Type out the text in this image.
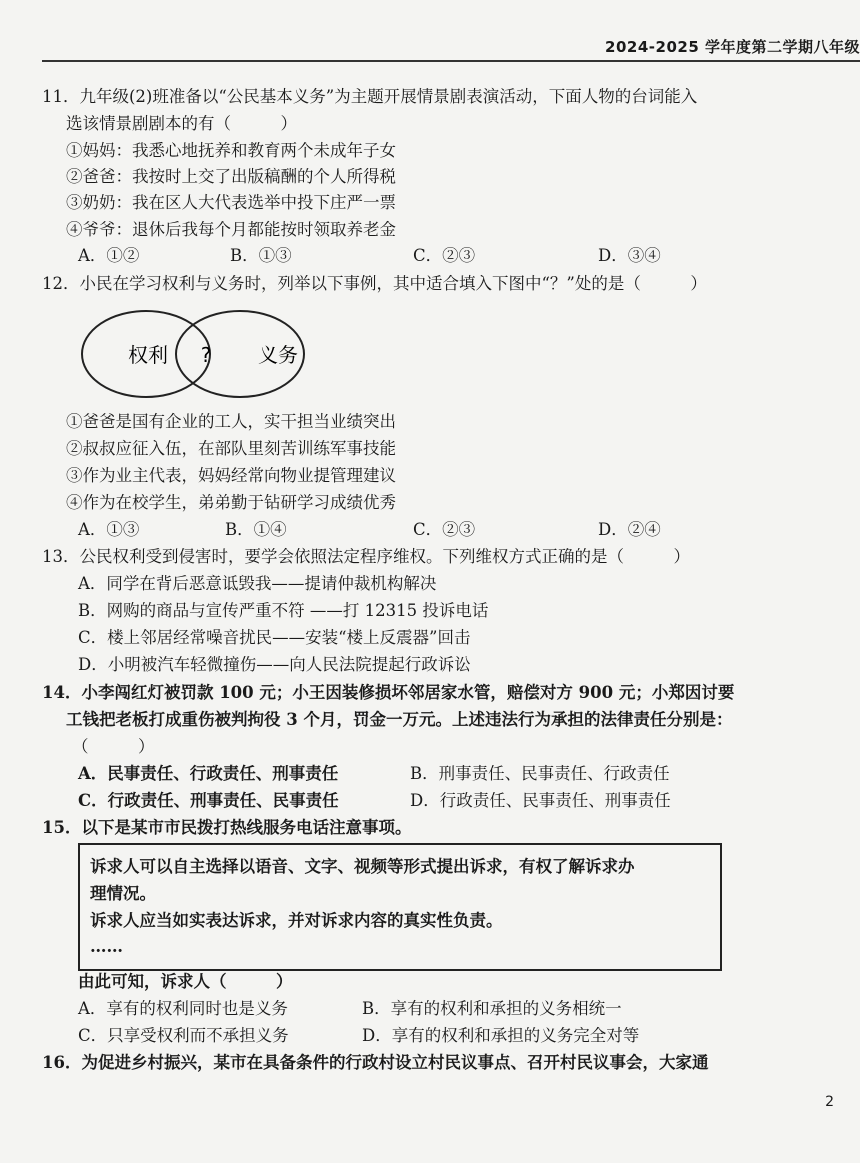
2024-2025 学年度第二学期八年级
11．九年级(2)班准备以“公民基本义务”为主题开展情景剧表演活动，下面人物的台词能入
选该情景剧剧本的有（　　　）
①妈妈：我悉心地抚养和教育两个未成年子女
②爸爸：我按时上交了出版稿酬的个人所得税
③奶奶：我在区人大代表选举中投下庄严一票
④爷爷：退休后我每个月都能按时领取养老金
A．①②	B．①③	C．②③	D．③④
12．小民在学习权利与义务时，列举以下事例，其中适合填入下图中“？”处的是（　　　）
权利 ? 义务
①爸爸是国有企业的工人，实干担当业绩突出
②叔叔应征入伍，在部队里刻苦训练军事技能
③作为业主代表，妈妈经常向物业提管理建议
④作为在校学生，弟弟勤于钻研学习成绩优秀
A．①③	B．①④	C．②③	D．②④
13．公民权利受到侵害时，要学会依照法定程序维权。下列维权方式正确的是（　　　）
A．同学在背后恶意诋毁我——提请仲裁机构解决
B．网购的商品与宣传严重不符 ——打 12315 投诉电话
C．楼上邻居经常噪音扰民——安装“楼上反震器”回击
D．小明被汽车轻微撞伤——向人民法院提起行政诉讼
14．小李闯红灯被罚款 100 元；小王因装修损坏邻居家水管，赔偿对方 900 元；小郑因讨要
工钱把老板打成重伤被判拘役 3 个月，罚金一万元。上述违法行为承担的法律责任分别是：
（　　　）
A．民事责任、行政责任、刑事责任	B．刑事责任、民事责任、行政责任
C．行政责任、刑事责任、民事责任	D．行政责任、民事责任、刑事责任
15．以下是某市市民拨打热线服务电话注意事项。
诉求人可以自主选择以语音、文字、视频等形式提出诉求，有权了解诉求办
理情况。
诉求人应当如实表达诉求，并对诉求内容的真实性负责。
……
由此可知，诉求人（　　　）
A．享有的权利同时也是义务	B．享有的权利和承担的义务相统一
C．只享受权利而不承担义务	D．享有的权利和承担的义务完全对等
16．为促进乡村振兴，某市在具备条件的行政村设立村民议事点、召开村民议事会，大家通
2
